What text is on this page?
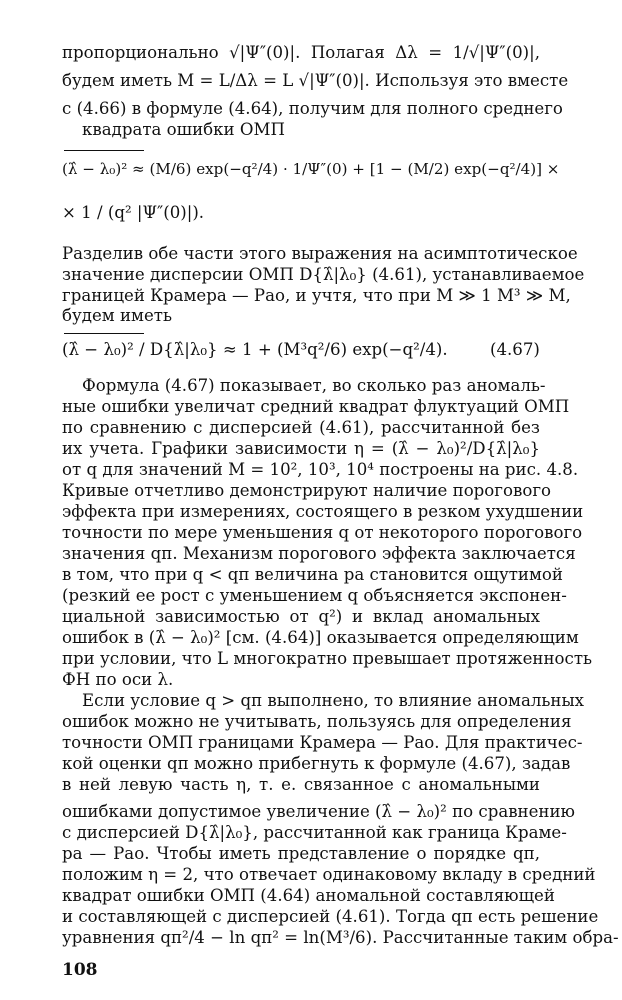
пропорционально √|Ψ″(0)|. Полагая Δλ = 1/√|Ψ″(0)|,
будем иметь M = L/Δλ = L √|Ψ″(0)|. Используя это вместе
с (4.66) в формуле (4.64), получим для полного среднего
квадрата ошибки ОМП
(λ̂ − λ₀)² ≈ (M/6) exp(−q²/4) · 1/Ψ″(0) + [1 − (M/2) exp(−q²/4)] ×
× 1 / (q² |Ψ″(0)|).
Разделив обе части этого выражения на асимптотическое
значение дисперсии ОМП D{λ̂|λ₀} (4.61), устанавливаемое
границей Крамера — Рао, и учтя, что при M ≫ 1 M³ ≫ M,
будем иметь
(λ̂ − λ₀)² / D{λ̂|λ₀} ≈ 1 + (M³q²/6) exp(−q²/4).	(4.67)
Формула (4.67) показывает, во сколько раз аномаль-
ные ошибки увеличат средний квадрат флуктуаций ОМП
по сравнению с дисперсией (4.61), рассчитанной без
их учета. Графики зависимости η = (λ̂ − λ₀)²/D{λ̂|λ₀}
от q для значений M = 10², 10³, 10⁴ построены на рис. 4.8.
Кривые отчетливо демонстрируют наличие порогового
эффекта при измерениях, состоящего в резком ухудшении
точности по мере уменьшения q от некоторого порогового
значения qп. Механизм порогового эффекта заключается
в том, что при q < qп величина pа становится ощутимой
(резкий ее рост с уменьшением q объясняется экспонен-
циальной зависимостью от q²) и вклад аномальных
ошибок в (λ̂ − λ₀)² [см. (4.64)] оказывается определяющим
при условии, что L многократно превышает протяженность
ФН по оси λ.
Если условие q > qп выполнено, то влияние аномальных
ошибок можно не учитывать, пользуясь для определения
точности ОМП границами Крамера — Рао. Для практичес-
кой оценки qп можно прибегнуть к формуле (4.67), задав
в ней левую часть η, т. е. связанное с аномальными
ошибками допустимое увеличение (λ̂ − λ₀)² по сравнению
с дисперсией D{λ̂|λ₀}, рассчитанной как граница Краме-
ра — Рао. Чтобы иметь представление о порядке qп,
положим η = 2, что отвечает одинаковому вкладу в средний
квадрат ошибки ОМП (4.64) аномальной составляющей
и составляющей с дисперсией (4.61). Тогда qп есть решение
уравнения qп²/4 − ln qп² = ln(M³/6). Рассчитанные таким обра-
108
